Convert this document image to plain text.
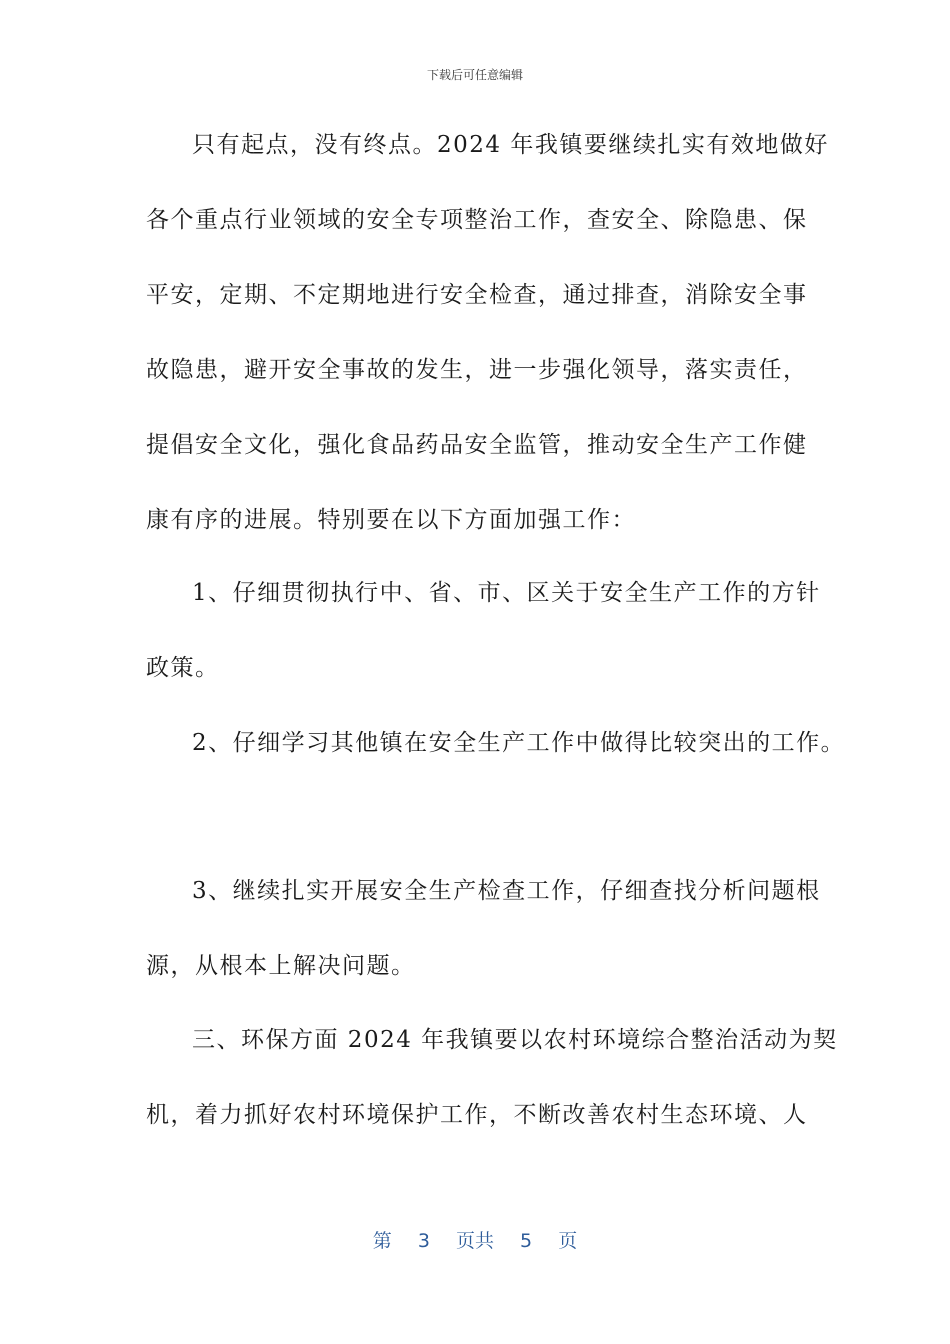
下载后可任意编辑
只有起点，没有终点。2024 年我镇要继续扎实有效地做好
各个重点行业领域的安全专项整治工作，查安全、除隐患、保
平安，定期、不定期地进行安全检查，通过排查，消除安全事
故隐患，避开安全事故的发生，进一步强化领导，落实责任，
提倡安全文化，强化食品药品安全监管，推动安全生产工作健
康有序的进展。特别要在以下方面加强工作：
1、仔细贯彻执行中、省、市、区关于安全生产工作的方针
政策。
2、仔细学习其他镇在安全生产工作中做得比较突出的工作。
3、继续扎实开展安全生产检查工作，仔细查找分析问题根
源，从根本上解决问题。
三、环保方面 2024 年我镇要以农村环境综合整治活动为契
机，着力抓好农村环境保护工作，不断改善农村生态环境、人
第 3 页共 5 页
